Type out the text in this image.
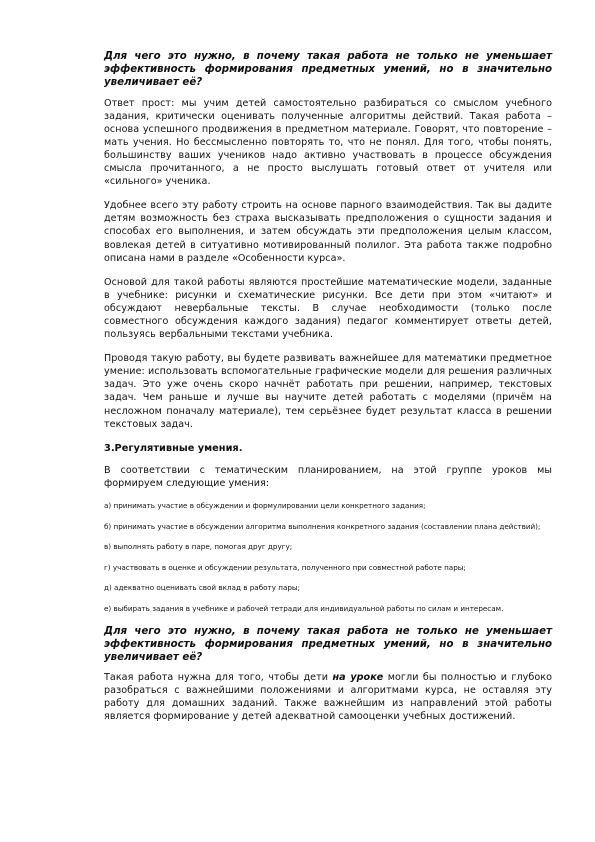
Для чего это нужно, в почему такая работа не только не уменьшает эффективность формирования предметных умений, но в значительно увеличивает её?

Ответ прост: мы учим детей самостоятельно разбираться со смыслом учебного задания, критически оценивать полученные алгоритмы действий. Такая работа – основа успешного продвижения в предметном материале. Говорят, что повторение – мать учения. Но бессмысленно повторять то, что не понял. Для того, чтобы понять, большинству ваших учеников надо активно участвовать в процессе обсуждения смысла прочитанного, а не просто выслушать готовый ответ от учителя или «сильного» ученика.

Удобнее всего эту работу строить на основе парного взаимодействия. Так вы дадите детям возможность без страха высказывать предположения о сущности задания и способах его выполнения, и затем обсуждать эти предположения целым классом, вовлекая детей в ситуативно мотивированный полилог. Эта работа также подробно описана нами в разделе «Особенности курса».

Основой для такой работы являются простейшие математические модели, заданные в учебнике: рисунки и схематические рисунки. Все дети при этом «читают» и обсуждают невербальные тексты. В случае необходимости (только после совместного обсуждения каждого задания) педагог комментирует ответы детей, пользуясь вербальными текстами учебника.

Проводя такую работу, вы будете развивать важнейшее для математики предметное умение: использовать вспомогательные графические модели для решения различных задач. Это уже очень скоро начнёт работать при решении, например, текстовых задач. Чем раньше и лучше вы научите детей работать с моделями (причём на несложном поначалу материале), тем серьёзнее будет результат класса в решении текстовых задач.

3.Регулятивные умения.

В соответствии с тематическим планированием, на этой группе уроков мы формируем следующие умения:

а) принимать участие в обсуждении и формулировании цели конкретного задания;

б) принимать участие в обсуждении алгоритма выполнения конкретного задания (составлении плана действий);

в) выполнять работу в паре, помогая друг другу;

г) участвовать в оценке и обсуждении результата, полученного при совместной работе пары;

д) адекватно оценивать свой вклад в работу пары;

е) выбирать задания в учебнике и рабочей тетради для индивидуальной работы по силам и интересам.

Для чего это нужно, в почему такая работа не только не уменьшает эффективность формирования предметных умений, но в значительно увеличивает её?

Такая работа нужна для того, чтобы дети на уроке могли бы полностью и глубоко разобраться с важнейшими положениями и алгоритмами курса, не оставляя эту работу для домашних заданий. Также важнейшим из направлений этой работы является формирование у детей адекватной самооценки учебных достижений.
